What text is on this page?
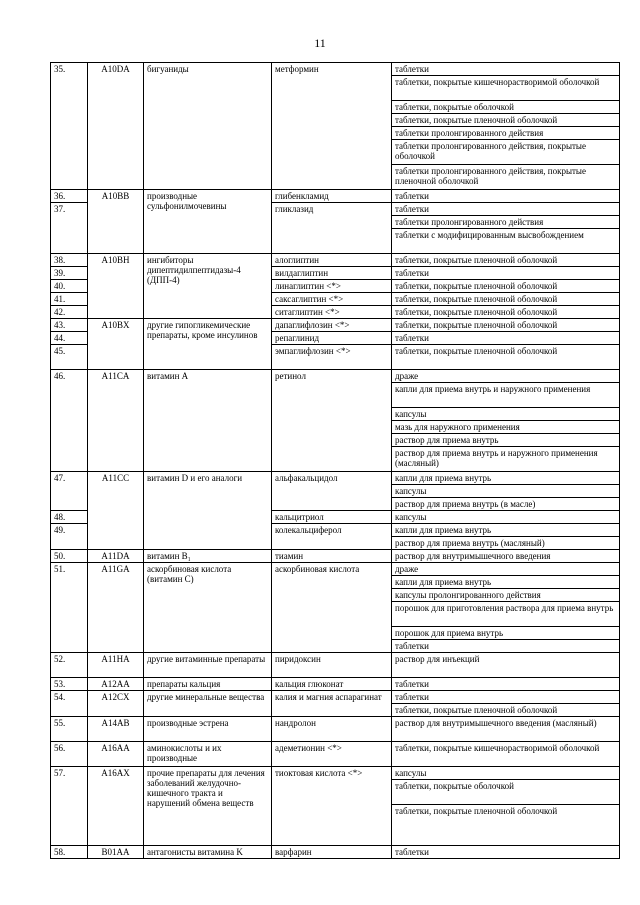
11
35.	A10DA	бигуаниды	метформин	таблетки
				таблетки, покрытые кишечнорастворимой оболочкой
				таблетки, покрытые оболочкой
				таблетки, покрытые пленочной оболочкой
				таблетки пролонгированного действия
				таблетки пролонгированного действия, покрытые оболочкой
				таблетки пролонгированного действия, покрытые пленочной оболочкой
36.	A10BB	производные сульфонилмочевины	глибенкламид	таблетки
37.			гликлазид	таблетки
				таблетки пролонгированного действия
				таблетки с модифицированным высвобождением
38.	A10BH	ингибиторы дипептидилпептидазы-4 (ДПП-4)	алоглиптин	таблетки, покрытые пленочной оболочкой
39.			вилдаглиптин	таблетки
40.			линаглиптин <*>	таблетки, покрытые пленочной оболочкой
41.			саксаглиптин <*>	таблетки, покрытые пленочной оболочкой
42.			ситаглиптин <*>	таблетки, покрытые пленочной оболочкой
43.	A10BX	другие гипогликемические препараты, кроме инсулинов	дапаглифлозин <*>	таблетки, покрытые пленочной оболочкой
44.			репаглинид	таблетки
45.			эмпаглифлозин <*>	таблетки, покрытые пленочной оболочкой
46.	A11CA	витамин A	ретинол	драже
				капли для приема внутрь и наружного применения
				капсулы
				мазь для наружного применения
				раствор для приема внутрь
				раствор для приема внутрь и наружного применения (масляный)
47.	A11CC	витамин D и его аналоги	альфакальцидол	капли для приема внутрь
				капсулы
				раствор для приема внутрь (в масле)
48.			кальцитриол	капсулы
49.			колекальциферол	капли для приема внутрь
				раствор для приема внутрь (масляный)
50.	A11DA	витамин B₁	тиамин	раствор для внутримышечного введения
51.	A11GA	аскорбиновая кислота (витамин C)	аскорбиновая кислота	драже
				капли для приема внутрь
				капсулы пролонгированного действия
				порошок для приготовления раствора для приема внутрь
				порошок для приема внутрь
				таблетки
52.	A11HA	другие витаминные препараты	пиридоксин	раствор для инъекций
53.	A12AA	препараты кальция	кальция глюконат	таблетки
54.	A12CX	другие минеральные вещества	калия и магния аспарагинат	таблетки
				таблетки, покрытые пленочной оболочкой
55.	A14AB	производные эстрена	нандролон	раствор для внутримышечного введения (масляный)
56.	A16AA	аминокислоты и их производные	адеметионин <*>	таблетки, покрытые кишечнорастворимой оболочкой
57.	A16AX	прочие препараты для лечения заболеваний желудочно-кишечного тракта и нарушений обмена веществ	тиоктовая кислота <*>	капсулы
				таблетки, покрытые оболочкой
				таблетки, покрытые пленочной оболочкой
58.	B01AA	антагонисты витамина K	варфарин	таблетки
